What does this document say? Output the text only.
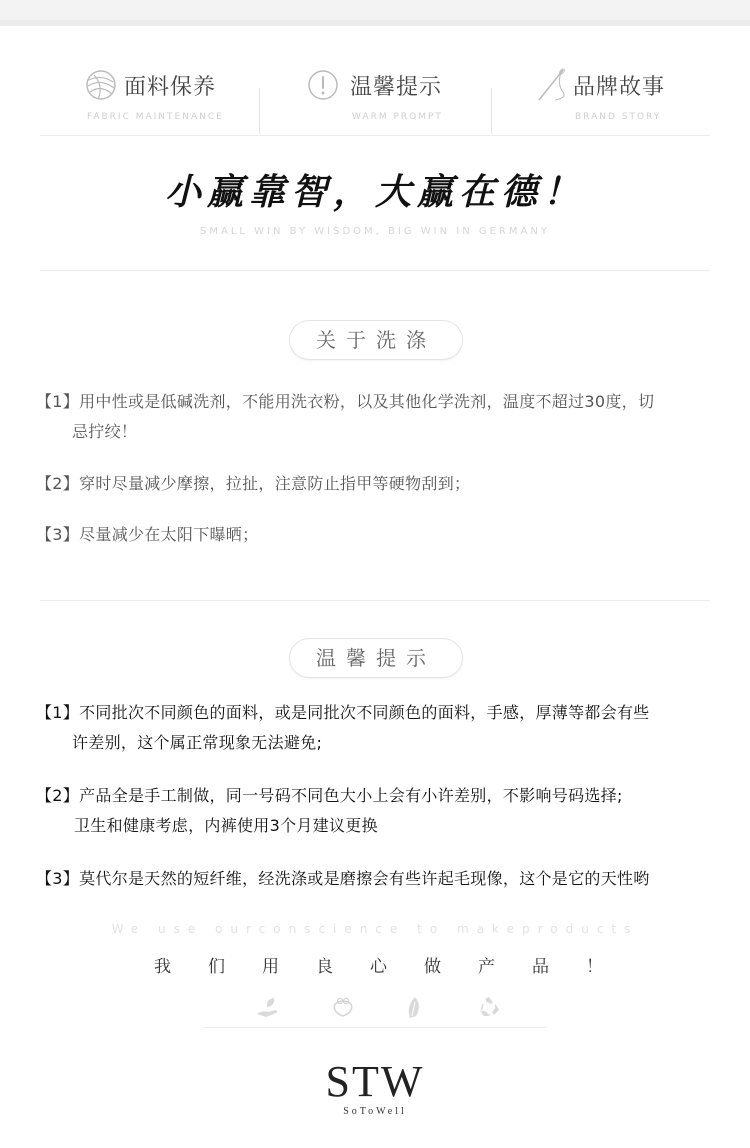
面料保养
FABRIC MAINTENANCE
温馨提示
WARM PROMPT
品牌故事
BRAND STORY
小赢靠智，大赢在德！
SMALL WIN BY WISDOM, BIG WIN IN GERMANY
关于洗涤
【1】用中性或是低碱洗剂，不能用洗衣粉，以及其他化学洗剂，温度不超过30度，切
忌拧绞！
【2】穿时尽量减少摩擦，拉扯，注意防止指甲等硬物刮到；
【3】尽量减少在太阳下曝晒；
温馨提示
【1】不同批次不同颜色的面料，或是同批次不同颜色的面料，手感，厚薄等都会有些
许差别，这个属正常现象无法避免;
【2】产品全是手工制做，同一号码不同色大小上会有小许差别，不影响号码选择;
卫生和健康考虑，内裤使用3个月建议更换
【3】莫代尔是天然的短纤维，经洗涤或是磨擦会有些许起毛现像，这个是它的天性哟
We use ourconscience to makeproducts
我 们 用 良 心 做 产 品 ！
STW
SoToWell
